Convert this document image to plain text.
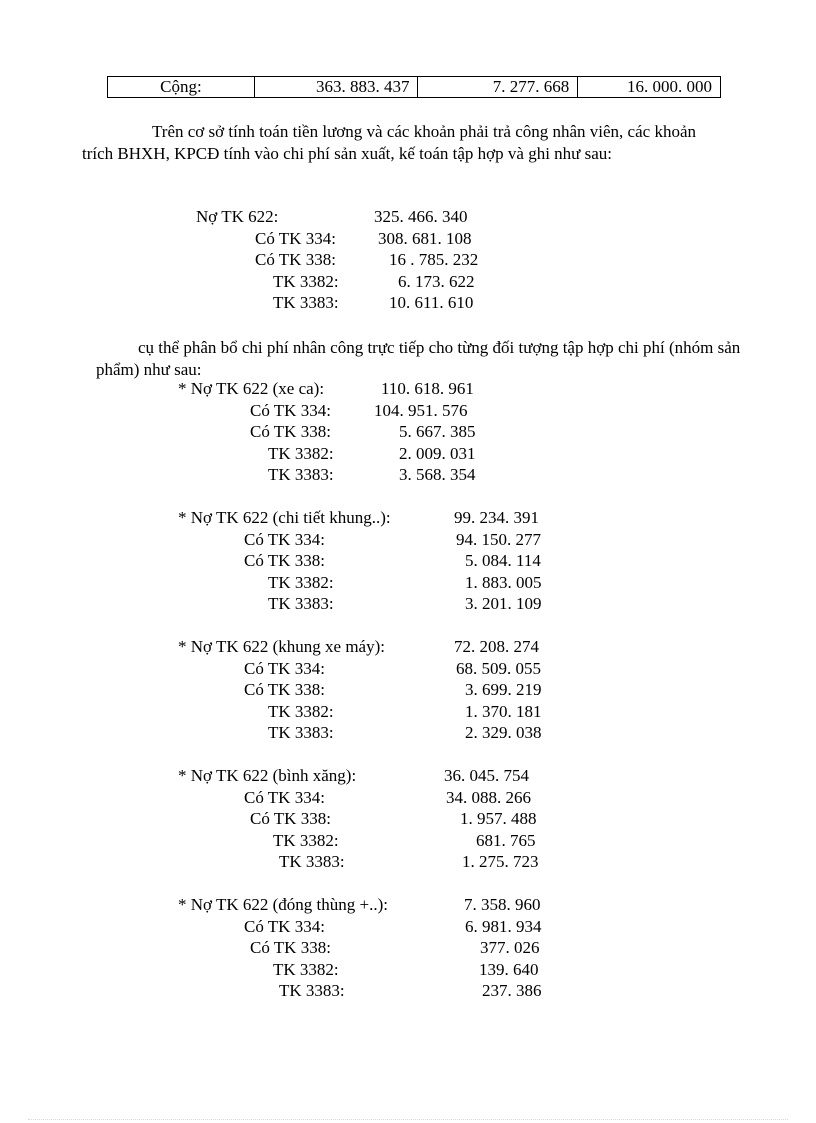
Cộng:	363. 883. 437	7. 277. 668	16. 000. 000

Trên cơ sở tính toán tiền lương và các khoản phải trả công nhân viên, các khoản trích BHXH, KPCĐ tính vào chi phí sản xuất, kế toán tập hợp và ghi như sau:

Nợ TK 622:	325. 466. 340
Có TK 334: 308. 681. 108
Có TK 338:	16 . 785. 232
TK 3382:	6. 173. 622
TK 3383:	10. 611. 610

cụ thể phân bổ chi phí nhân công trực tiếp cho từng đối tượng tập hợp chi phí (nhóm sản phẩm) như sau:

* Nợ TK 622 (xe ca):	110. 618. 961
Có TK 334:	104. 951. 576
Có TK 338:	5. 667. 385
TK 3382:	2. 009. 031
TK 3383:	3. 568. 354
* Nợ TK 622 (chi tiết khung..):	99. 234. 391
Có TK 334:	94. 150. 277
Có TK 338:	5. 084. 114
TK 3382:	1. 883. 005
TK 3383:	3. 201. 109
* Nợ TK 622 (khung xe máy):	72. 208. 274
Có TK 334:	68. 509. 055
Có TK 338:	3. 699. 219
TK 3382:	1. 370. 181
TK 3383:	2. 329. 038
* Nợ TK 622 (bình xăng):	36. 045. 754
Có TK 334:	34. 088. 266
Có TK 338:	1. 957. 488
TK 3382:	681. 765
TK 3383:	1. 275. 723
* Nợ TK 622 (đóng thùng +..):	7. 358. 960
Có TK 334:	6. 981. 934
Có TK 338:	377. 026
TK 3382:	139. 640
TK 3383:	237. 386
